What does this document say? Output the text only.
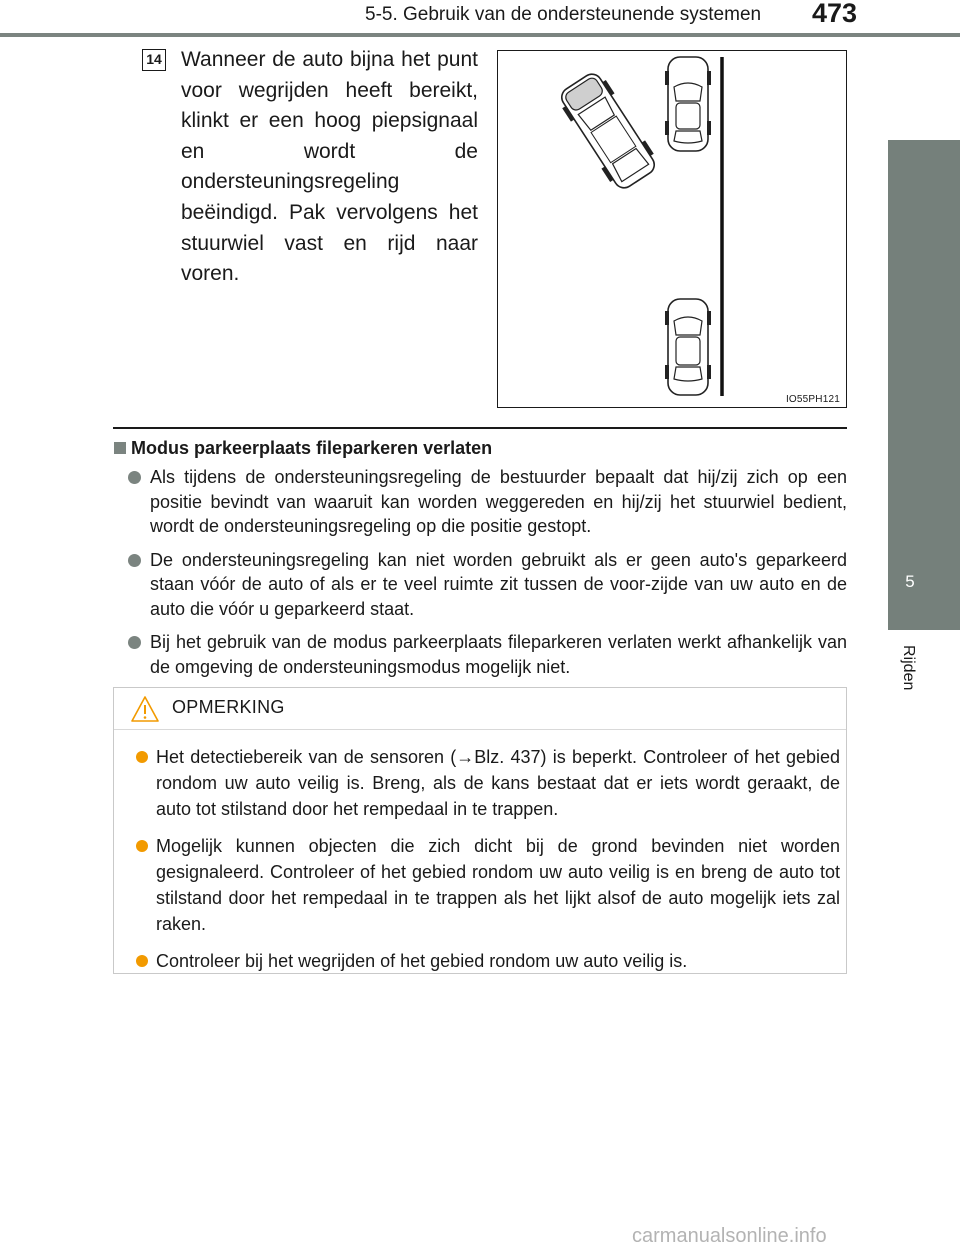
5-5. Gebruik van de ondersteunende systemen	473
5
Rijden
14 Wanneer de auto bijna het punt voor wegrijden heeft bereikt, klinkt er een hoog piepsignaal en wordt de ondersteuningsregeling beëindigd. Pak vervolgens het stuurwiel vast en rijd naar voren.
IO55PH121
Modus parkeerplaats fileparkeren verlaten
Als tijdens de ondersteuningsregeling de bestuurder bepaalt dat hij/zij zich op een positie bevindt van waaruit kan worden weggereden en hij/zij het stuurwiel bedient, wordt de ondersteuningsregeling op die positie gestopt.
De ondersteuningsregeling kan niet worden gebruikt als er geen auto's geparkeerd staan vóór de auto of als er te veel ruimte zit tussen de voor-zijde van uw auto en de auto die vóór u geparkeerd staat.
Bij het gebruik van de modus parkeerplaats fileparkeren verlaten werkt afhankelijk van de omgeving de ondersteuningsmodus mogelijk niet.
OPMERKING
Het detectiebereik van de sensoren (→Blz. 437) is beperkt. Controleer of het gebied rondom uw auto veilig is. Breng, als de kans bestaat dat er iets wordt geraakt, de auto tot stilstand door het rempedaal in te trappen.
Mogelijk kunnen objecten die zich dicht bij de grond bevinden niet worden gesignaleerd. Controleer of het gebied rondom uw auto veilig is en breng de auto tot stilstand door het rempedaal in te trappen als het lijkt alsof de auto mogelijk iets zal raken.
Controleer bij het wegrijden of het gebied rondom uw auto veilig is.
carmanualsonline.info
